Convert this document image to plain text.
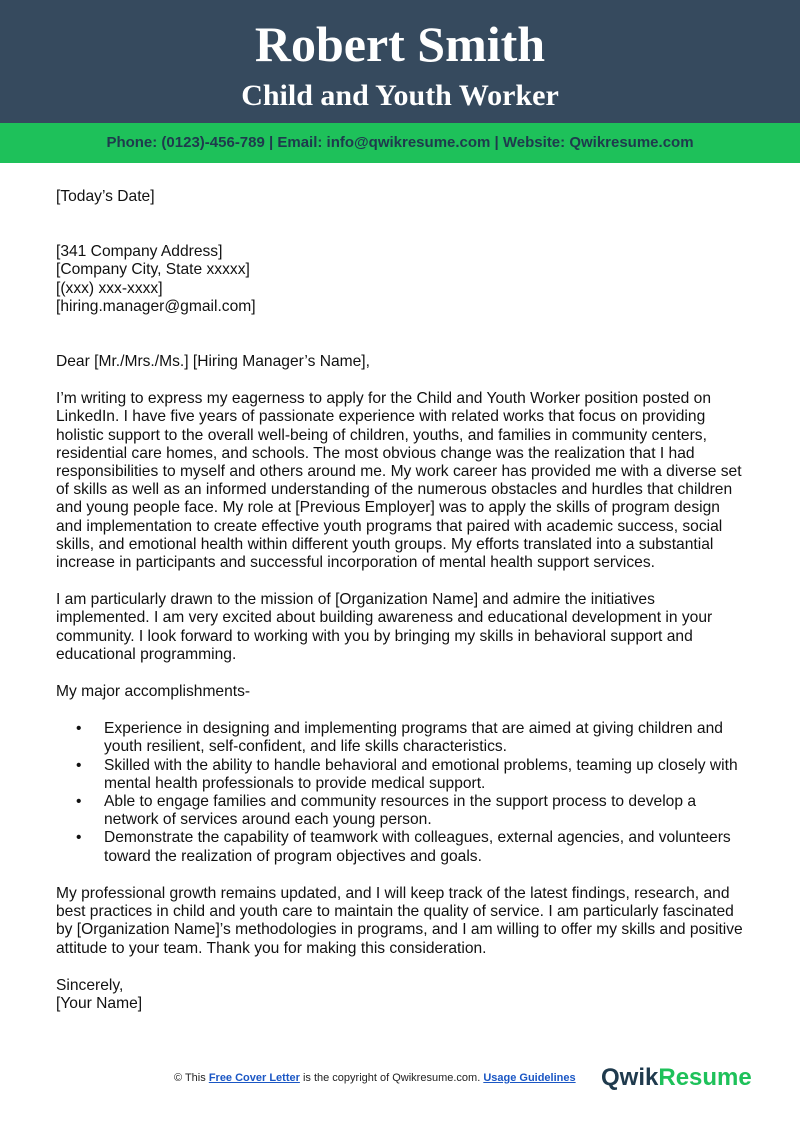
Robert Smith
Child and Youth Worker
Phone: (0123)-456-789 | Email: info@qwikresume.com | Website: Qwikresume.com
[Today’s Date]

[341 Company Address]

[Company City, State xxxxx]

[(xxx) xxx-xxxx]

[hiring.manager@gmail.com]

Dear [Mr./Mrs./Ms.] [Hiring Manager’s Name],

I’m writing to express my eagerness to apply for the Child and Youth Worker position posted on LinkedIn. I have five years of passionate experience with related works that focus on providing holistic support to the overall well-being of children, youths, and families in community centers, residential care homes, and schools. The most obvious change was the realization that I had responsibilities to myself and others around me. My work career has provided me with a diverse set of skills as well as an informed understanding of the numerous obstacles and hurdles that children and young people face. My role at [Previous Employer] was to apply the skills of program design and implementation to create effective youth programs that paired with academic success, social skills, and emotional health within different youth groups. My efforts translated into a substantial increase in participants and successful incorporation of mental health support services.

I am particularly drawn to the mission of [Organization Name] and admire the initiatives implemented. I am very excited about building awareness and educational development in your community. I look forward to working with you by bringing my skills in behavioral support and educational programming.

My major accomplishments-
• Experience in designing and implementing programs that are aimed at giving children and youth resilient, self-confident, and life skills characteristics.
• Skilled with the ability to handle behavioral and emotional problems, teaming up closely with mental health professionals to provide medical support.
• Able to engage families and community resources in the support process to develop a network of services around each young person.
• Demonstrate the capability of teamwork with colleagues, external agencies, and volunteers toward the realization of program objectives and goals.

My professional growth remains updated, and I will keep track of the latest findings, research, and best practices in child and youth care to maintain the quality of service. I am particularly fascinated by [Organization Name]’s methodologies in programs, and I am willing to offer my skills and positive attitude to your team. Thank you for making this consideration.

Sincerely,

[Your Name]

© This Free Cover Letter is the copyright of Qwikresume.com. Usage Guidelines QwikResume
